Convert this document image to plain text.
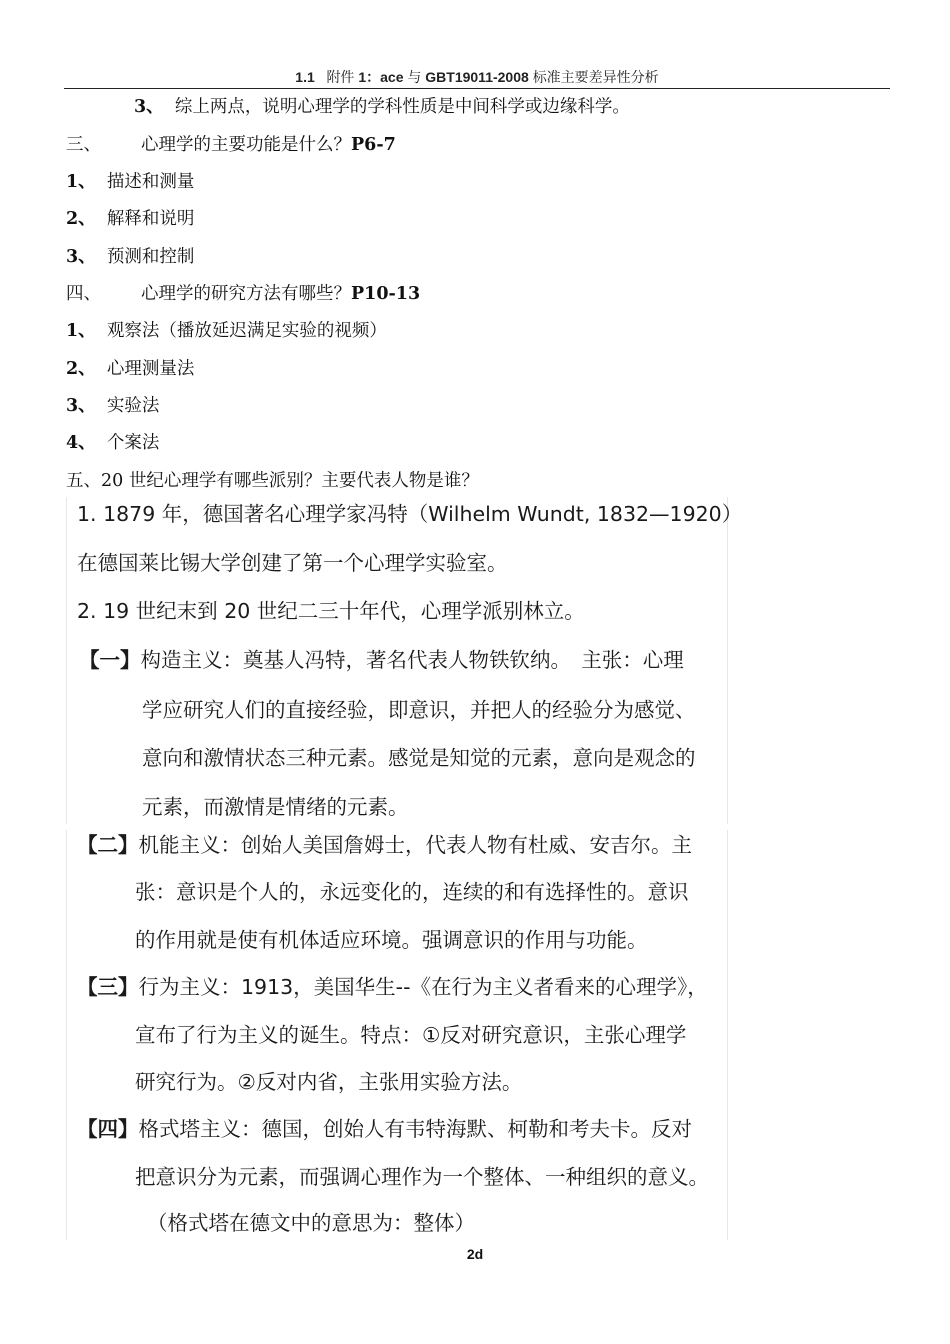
1.1 附件 1：ace 与 GBT19011-2008 标准主要差异性分析
3、 综上两点，说明心理学的学科性质是中间科学或边缘科学。
三、 心理学的主要功能是什么？P6-7
1、 描述和测量
2、 解释和说明
3、 预测和控制
四、 心理学的研究方法有哪些？P10-13
1、 观察法（播放延迟满足实验的视频）
2、 心理测量法
3、 实验法
4、 个案法
五、20 世纪心理学有哪些派别？主要代表人物是谁？
1. 1879 年，德国著名心理学家冯特（Wilhelm Wundt, 1832—1920）
在德国莱比锡大学创建了第一个心理学实验室。
2. 19 世纪末到 20 世纪二三十年代，心理学派别林立。
【一】构造主义：奠基人冯特，著名代表人物铁钦纳。　主张：心理
学应研究人们的直接经验，即意识，并把人的经验分为感觉、
意向和激情状态三种元素。感觉是知觉的元素，意向是观念的
元素，而激情是情绪的元素。
【二】机能主义：创始人美国詹姆士，代表人物有杜威、安吉尔。主
张：意识是个人的，永远变化的，连续的和有选择性的。意识
的作用就是使有机体适应环境。强调意识的作用与功能。
【三】行为主义：1913，美国华生--《在行为主义者看来的心理学》，
宣布了行为主义的诞生。特点：①反对研究意识，主张心理学
研究行为。②反对内省，主张用实验方法。
【四】格式塔主义：德国，创始人有韦特海默、柯勒和考夫卡。反对
把意识分为元素，而强调心理作为一个整体、一种组织的意义。
（格式塔在德文中的意思为：整体）
2d
